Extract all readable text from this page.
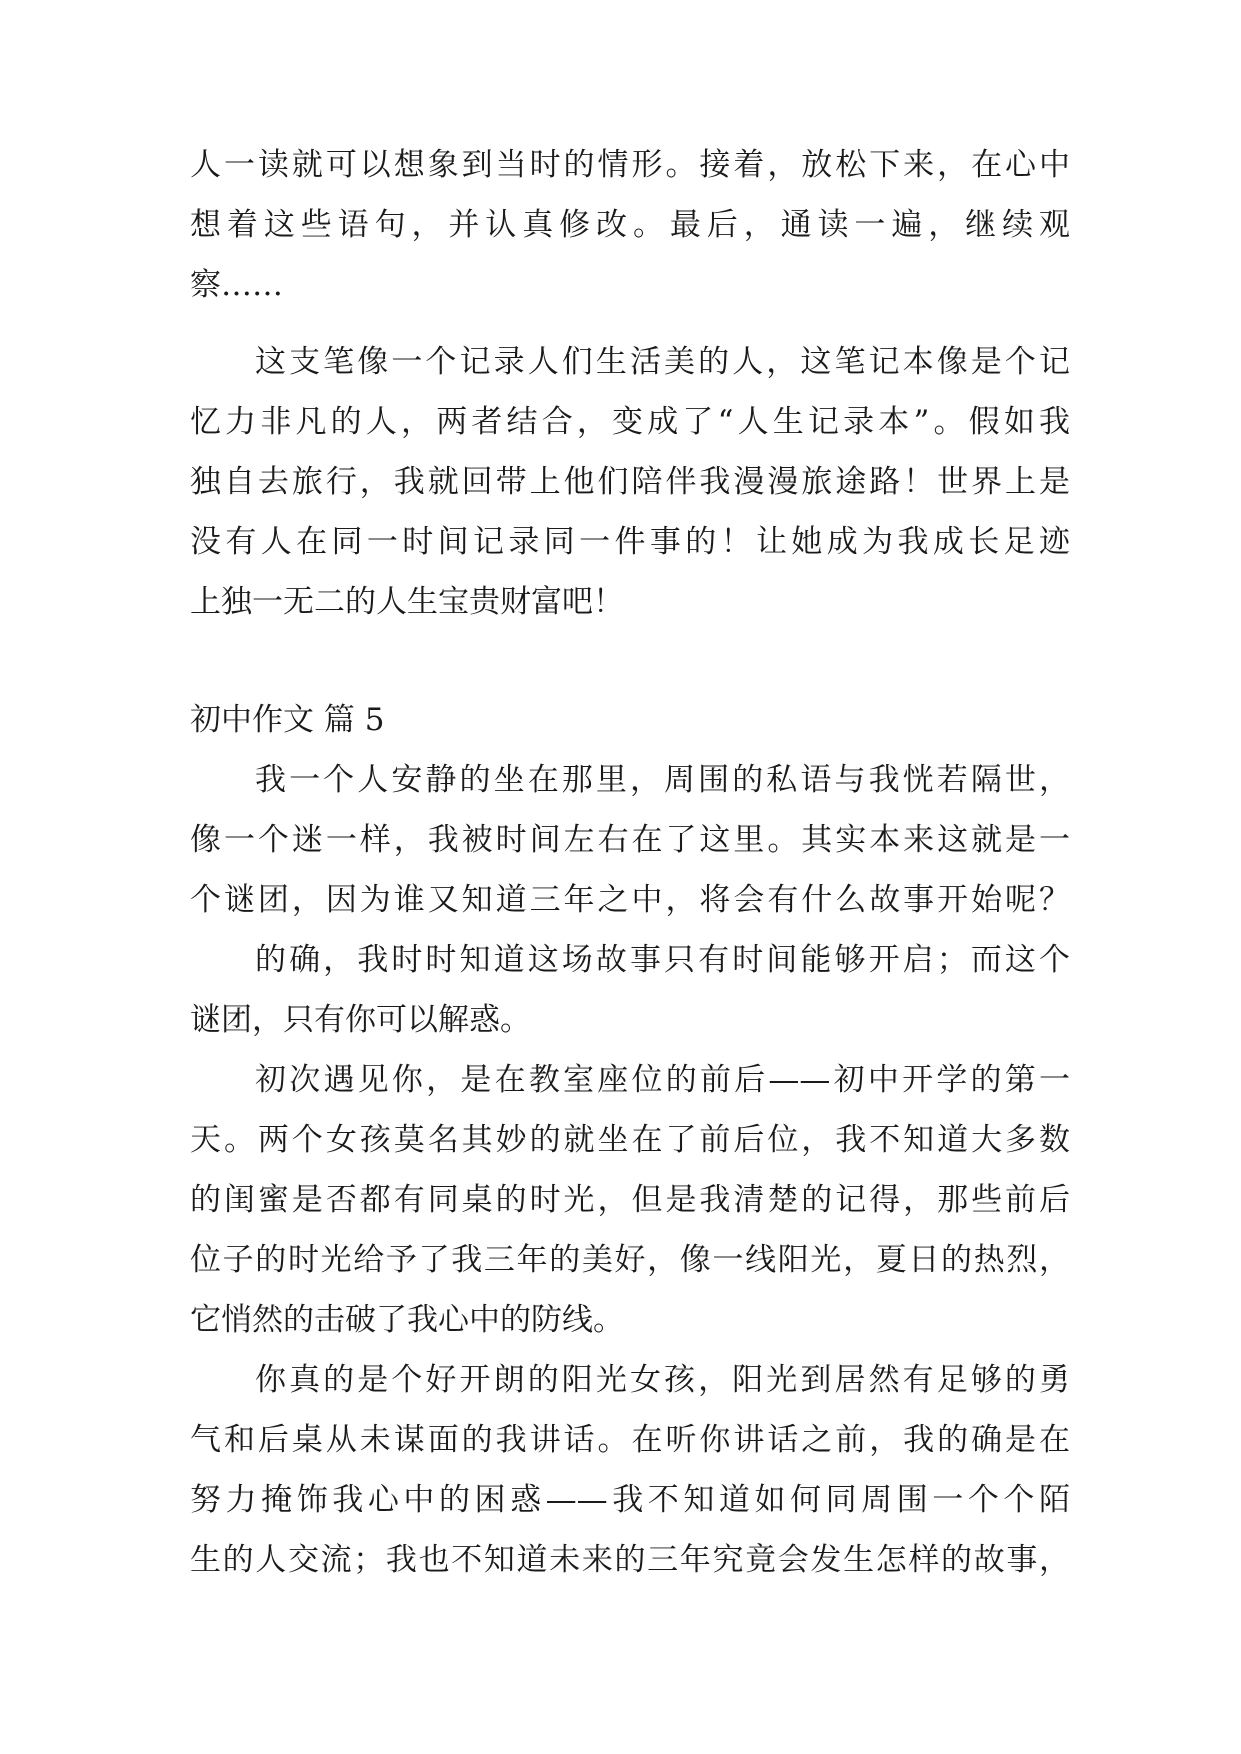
人一读就可以想象到当时的情形。接着，放松下来，在心中
想着这些语句，并认真修改。最后，通读一遍，继续观
察……
这支笔像一个记录人们生活美的人，这笔记本像是个记
忆力非凡的人，两者结合，变成了“人生记录本”。假如我
独自去旅行，我就回带上他们陪伴我漫漫旅途路！世界上是
没有人在同一时间记录同一件事的！让她成为我成长足迹
上独一无二的人生宝贵财富吧！
初中作文 篇 5
我一个人安静的坐在那里，周围的私语与我恍若隔世，
像一个迷一样，我被时间左右在了这里。其实本来这就是一
个谜团，因为谁又知道三年之中，将会有什么故事开始呢？
的确，我时时知道这场故事只有时间能够开启；而这个
谜团，只有你可以解惑。
初次遇见你，是在教室座位的前后——初中开学的第一
天。两个女孩莫名其妙的就坐在了前后位，我不知道大多数
的闺蜜是否都有同桌的时光，但是我清楚的记得，那些前后
位子的时光给予了我三年的美好，像一线阳光，夏日的热烈，
它悄然的击破了我心中的防线。
你真的是个好开朗的阳光女孩，阳光到居然有足够的勇
气和后桌从未谋面的我讲话。在听你讲话之前，我的确是在
努力掩饰我心中的困惑——我不知道如何同周围一个个陌
生的人交流；我也不知道未来的三年究竟会发生怎样的故事，
